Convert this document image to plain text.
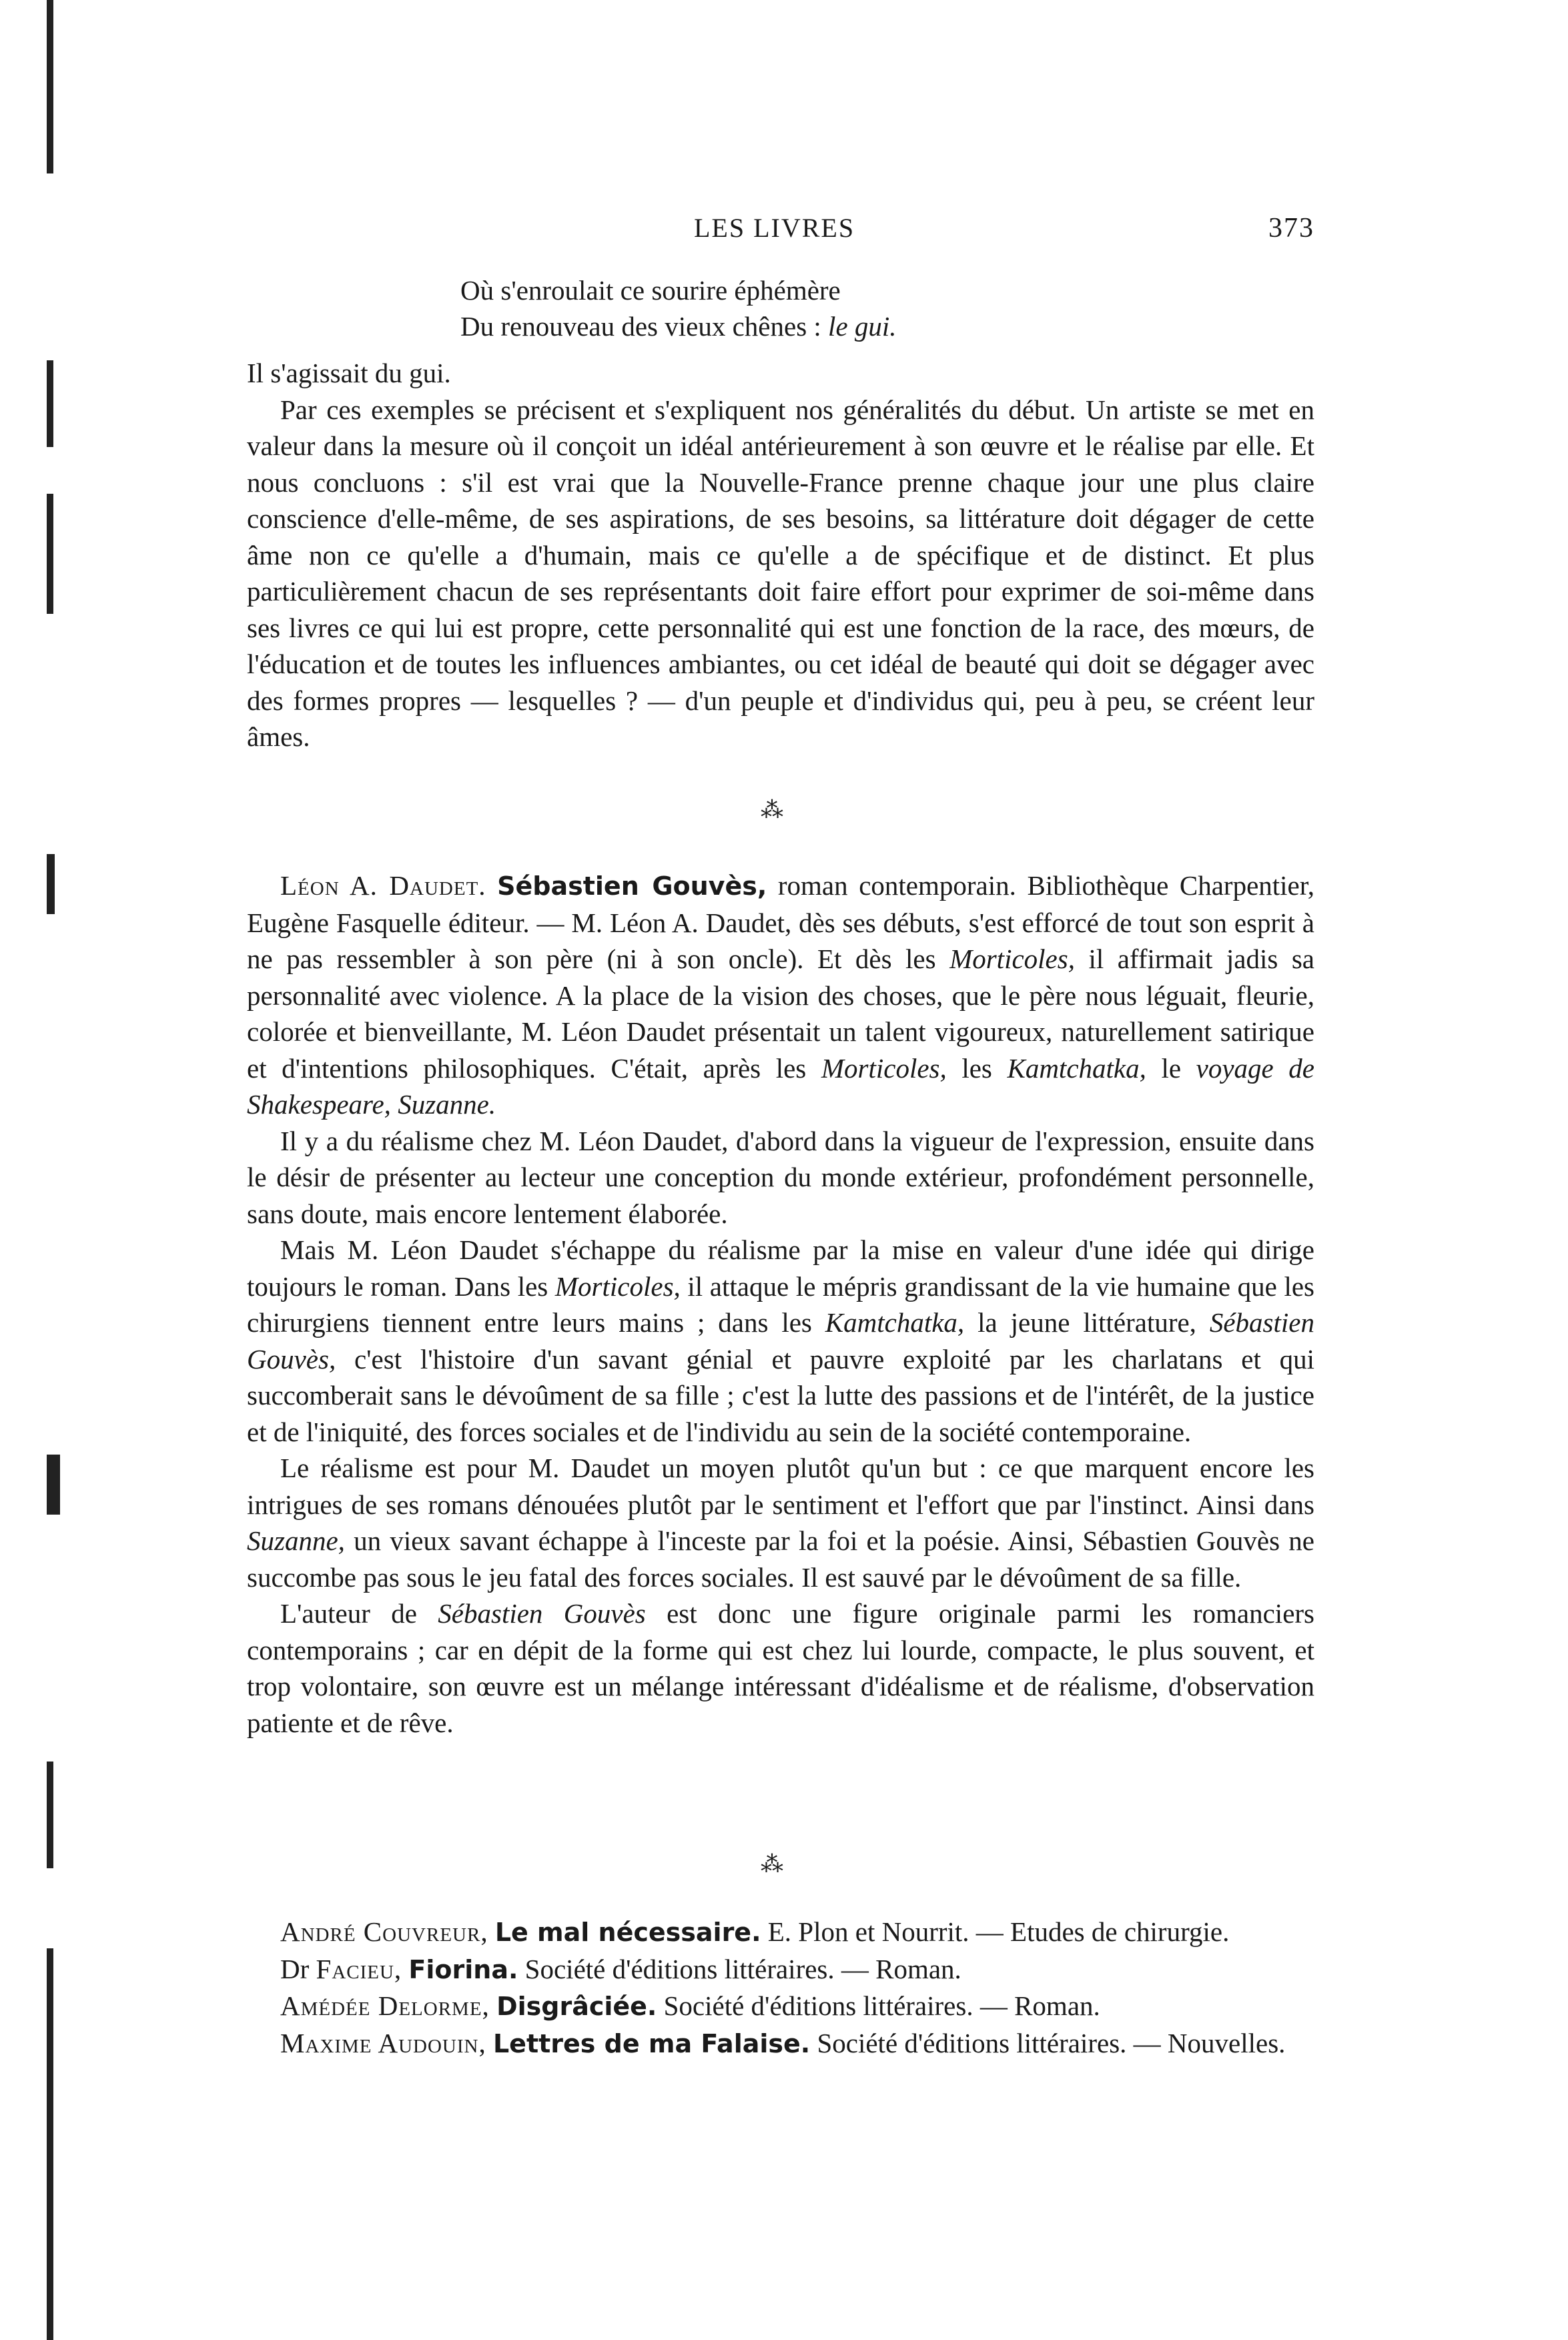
LES LIVRES	373
Où s'enroulait ce sourire éphémère
Du renouveau des vieux chênes : le gui.

Il s'agissait du gui.

Par ces exemples se précisent et s'expliquent nos généralités du début. Un artiste se met en valeur dans la mesure où il conçoit un idéal antérieurement à son œuvre et le réalise par elle. Et nous concluons : s'il est vrai que la Nouvelle-France prenne chaque jour une plus claire conscience d'elle-même, de ses aspirations, de ses besoins, sa littérature doit dégager de cette âme non ce qu'elle a d'humain, mais ce qu'elle a de spécifique et de distinct. Et plus particulièrement chacun de ses représentants doit faire effort pour exprimer de soi-même dans ses livres ce qui lui est propre, cette personnalité qui est une fonction de la race, des mœurs, de l'éducation et de toutes les influences ambiantes, ou cet idéal de beauté qui doit se dégager avec des formes propres — lesquelles ? — d'un peuple et d'individus qui, peu à peu, se créent leur âmes.

⁂

Léon A. Daudet. Sébastien Gouvès, roman contemporain. Bibliothèque Charpentier, Eugène Fasquelle éditeur. — M. Léon A. Daudet, dès ses débuts, s'est efforcé de tout son esprit à ne pas ressembler à son père (ni à son oncle). Et dès les Morticoles, il affirmait jadis sa personnalité avec violence. A la place de la vision des choses, que le père nous léguait, fleurie, colorée et bienveillante, M. Léon Daudet présentait un talent vigoureux, naturellement satirique et d'intentions philosophiques. C'était, après les Morticoles, les Kamtchatka, le voyage de Shakespeare, Suzanne.

Il y a du réalisme chez M. Léon Daudet, d'abord dans la vigueur de l'expression, ensuite dans le désir de présenter au lecteur une conception du monde extérieur, profondément personnelle, sans doute, mais encore lentement élaborée.

Mais M. Léon Daudet s'échappe du réalisme par la mise en valeur d'une idée qui dirige toujours le roman. Dans les Morticoles, il attaque le mépris grandissant de la vie humaine que les chirurgiens tiennent entre leurs mains ; dans les Kamtchatka, la jeune littérature, Sébastien Gouvès, c'est l'histoire d'un savant génial et pauvre exploité par les charlatans et qui succomberait sans le dévoûment de sa fille ; c'est la lutte des passions et de l'intérêt, de la justice et de l'iniquité, des forces sociales et de l'individu au sein de la société contemporaine.

Le réalisme est pour M. Daudet un moyen plutôt qu'un but : ce que marquent encore les intrigues de ses romans dénouées plutôt par le sentiment et l'effort que par l'instinct. Ainsi dans Suzanne, un vieux savant échappe à l'inceste par la foi et la poésie. Ainsi, Sébastien Gouvès ne succombe pas sous le jeu fatal des forces sociales. Il est sauvé par le dévoûment de sa fille.

L'auteur de Sébastien Gouvès est donc une figure originale parmi les romanciers contemporains ; car en dépit de la forme qui est chez lui lourde, compacte, le plus souvent, et trop volontaire, son œuvre est un mélange intéressant d'idéalisme et de réalisme, d'observation patiente et de rêve.

⁂

André Couvreur, Le mal nécessaire. E. Plon et Nourrit. — Etudes de chirurgie.

Dr Facieu, Fiorina. Société d'éditions littéraires. — Roman.

Amédée Delorme, Disgrâciée. Société d'éditions littéraires. — Roman.

Maxime Audouin, Lettres de ma Falaise. Société d'éditions littéraires. — Nouvelles.
